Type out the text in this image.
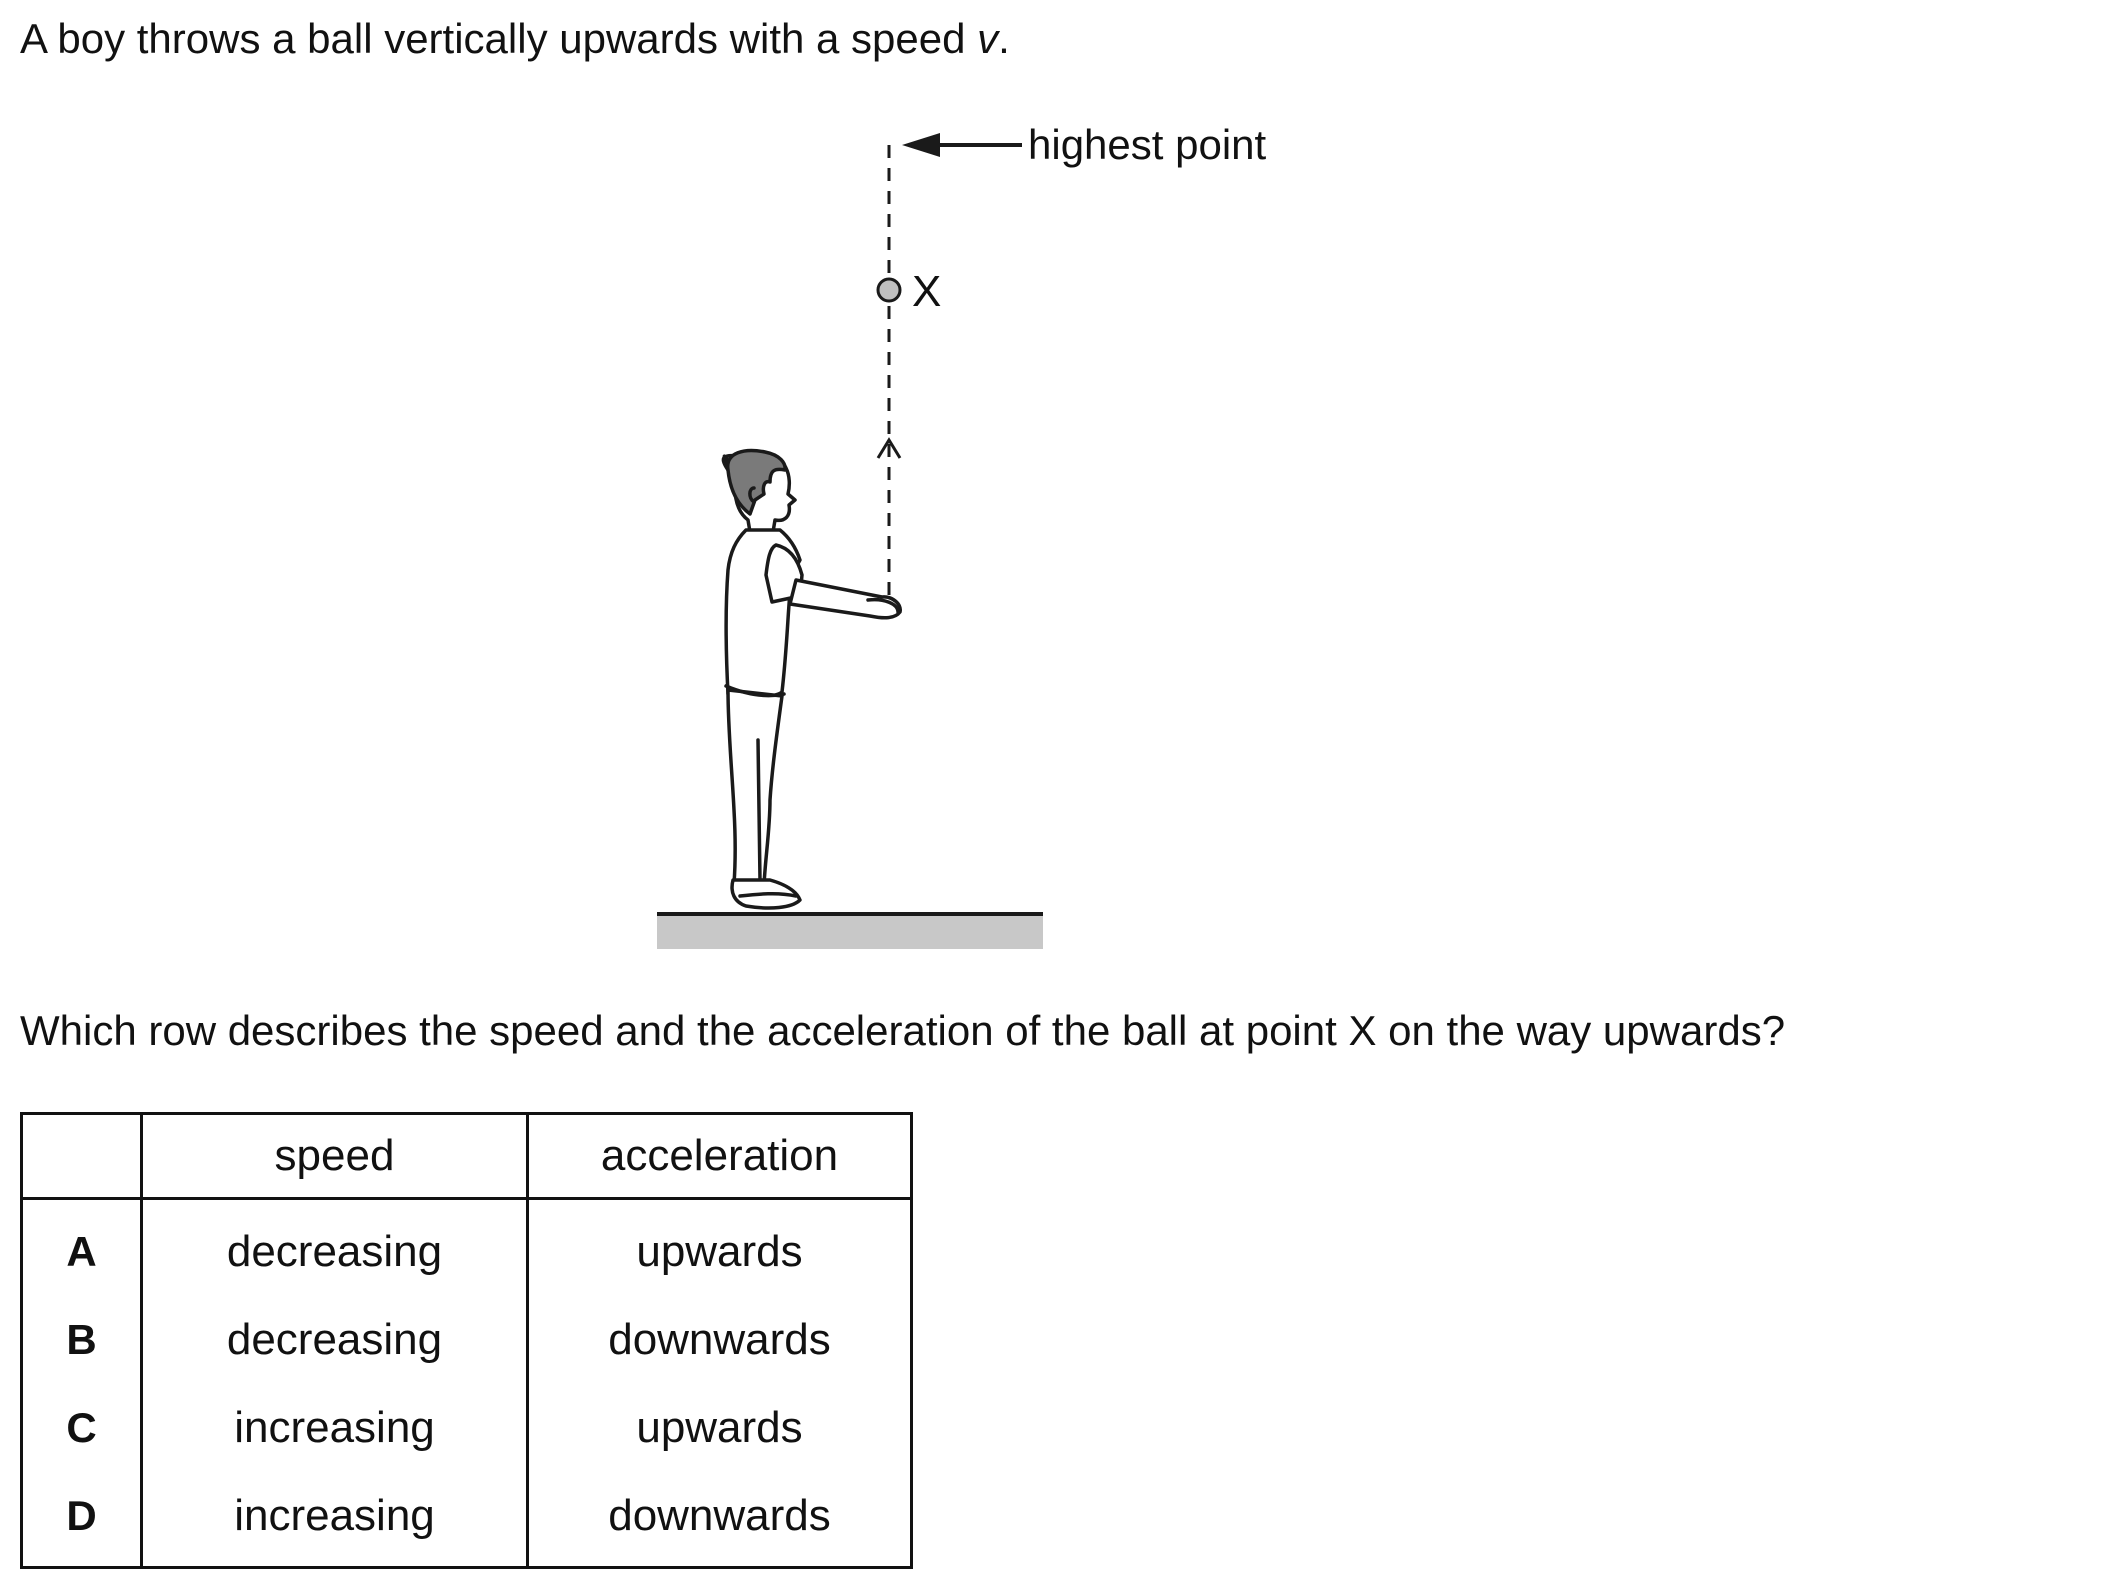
A boy throws a ball vertically upwards with a speed v.

highest point
X

Which row describes the speed and the acceleration of the ball at point X on the way upwards?

	speed	acceleration
A	decreasing	upwards
B	decreasing	downwards
C	increasing	upwards
D	increasing	downwards
